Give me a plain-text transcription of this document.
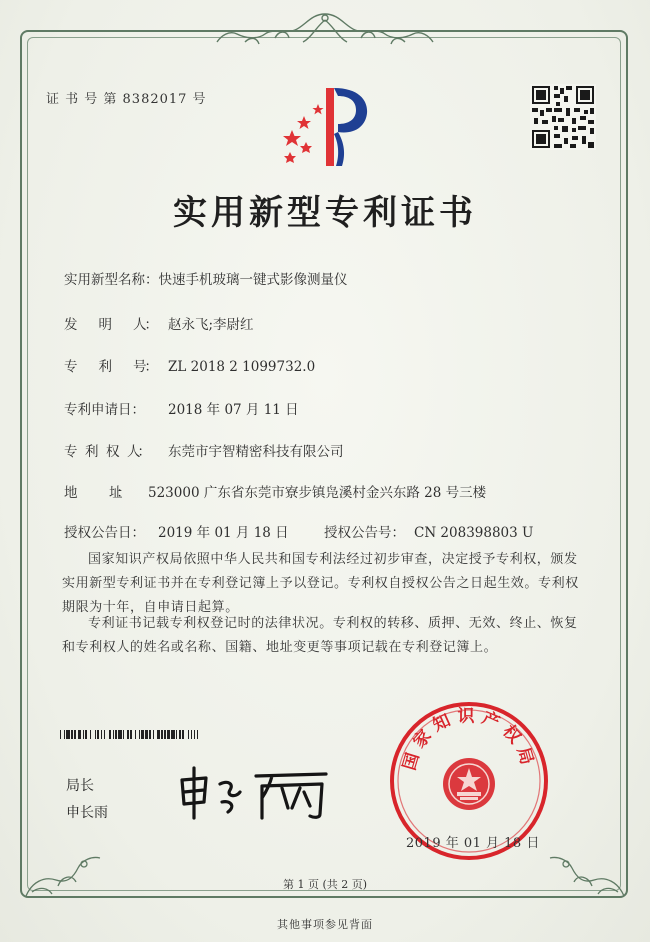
证 书 号 第 8382017 号
实用新型专利证书
实用新型名称：快速手机玻璃一键式影像测量仪
发　　明　　人： 赵永飞;李尉红
专　　利　　号： ZL 2018 2 1099732.0
专利申请日： 2018 年 07 月 11 日
专　利　权　人： 东莞市宇智精密科技有限公司
地　　　　　址： 523000 广东省东莞市寮步镇凫溪村金兴东路 28 号三楼
授权公告日： 2019 年 01 月 18 日	授权公告号： CN 208398803 U
国家知识产权局依照中华人民共和国专利法经过初步审查，决定授予专利权，颁发实用新型专利证书并在专利登记簿上予以登记。专利权自授权公告之日起生效。专利权期限为十年，自申请日起算。
专利证书记载专利权登记时的法律状况。专利权的转移、质押、无效、终止、恢复和专利权人的姓名或名称、国籍、地址变更等事项记载在专利登记簿上。
局长
申长雨
国家知识产权局
2019 年 01 月 18 日
第 1 页 (共 2 页)
其他事项参见背面
